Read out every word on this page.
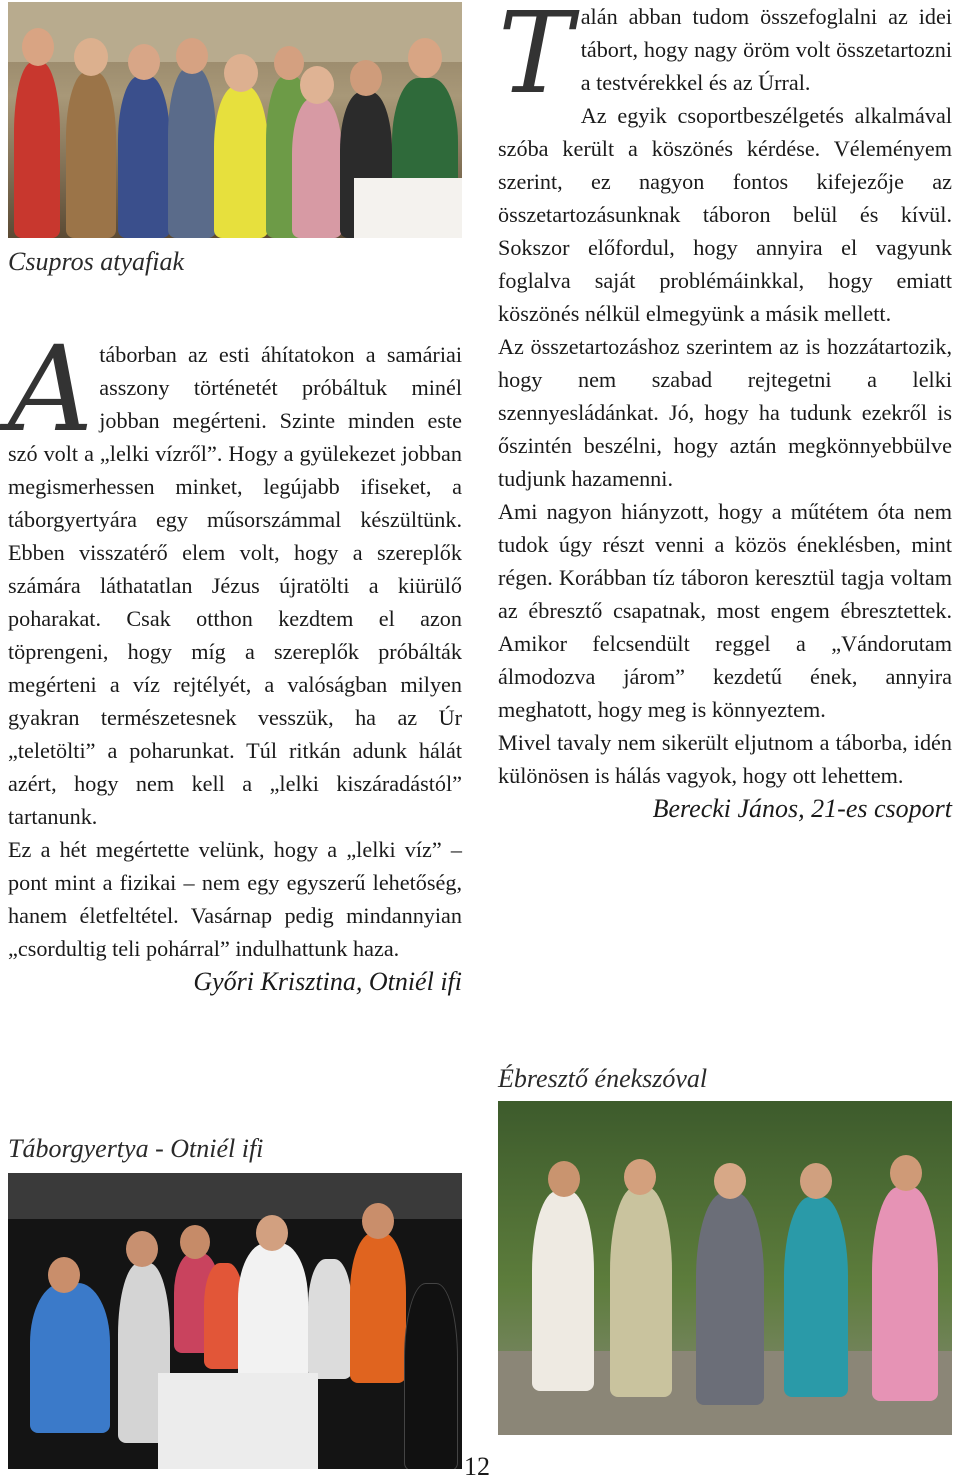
Csupros atyafiak

Atáborban az esti áhítatokon a samáriai asszony történetét próbáltuk minél jobban megérteni. Szinte minden este szó volt a „lelki vízről”. Hogy a gyülekezet jobban megismerhessen minket, legújabb ifiseket, a táborgyertyára egy műsorszámmal készültünk. Ebben visszatérő elem volt, hogy a szereplők számára láthatatlan Jézus újratölti a kiürülő poharakat. Csak otthon kezdtem el azon töprengeni, hogy míg a szereplők próbálták megérteni a víz rejtélyét, a valóságban milyen gyakran természetesnek vesszük, ha az Úr „teletölti” a poharunkat. Túl ritkán adunk hálát azért, hogy nem kell a „lelki kiszáradástól” tartanunk.

Ez a hét megértette velünk, hogy a „lelki víz” – pont mint a fizikai – nem egy egyszerű lehetőség, hanem életfeltétel. Vasárnap pedig mindannyian „csordultig teli pohárral” indulhattunk haza.

Győri Krisztina, Otniél ifi
Táborgyertya - Otniél ifi

Talán abban tudom összefoglalni az idei tábort, hogy nagy öröm volt összetartozni a testvérekkel és az Úrral.

Az egyik csoportbeszélgetés alkalmával szóba került a köszönés kérdése. Véleményem szerint, ez nagyon fontos kifejezője az összetartozásunknak táboron belül és kívül. Sokszor előfordul, hogy annyira el vagyunk foglalva saját problémáinkkal, hogy emiatt köszönés nélkül elmegyünk a másik mellett.

Az összetartozáshoz szerintem az is hozzátartozik, hogy nem szabad rejtegetni a lelki szennyesládánkat. Jó, hogy ha tudunk ezekről is őszintén beszélni, hogy aztán megkönnyebbülve tudjunk hazamenni.

Ami nagyon hiányzott, hogy a műtétem óta nem tudok úgy részt venni a közös éneklésben, mint régen. Korábban tíz táboron keresztül tagja voltam az ébresztő csapatnak, most engem ébresztettek. Amikor felcsendült reggel a „Vándorutam álmodozva járom” kezdetű ének, annyira meghatott, hogy meg is könnyeztem.

Mivel tavaly nem sikerült eljutnom a táborba, idén különösen is hálás vagyok, hogy ott lehettem.

Berecki János, 21-es csoport
Ébresztő énekszóval
12
